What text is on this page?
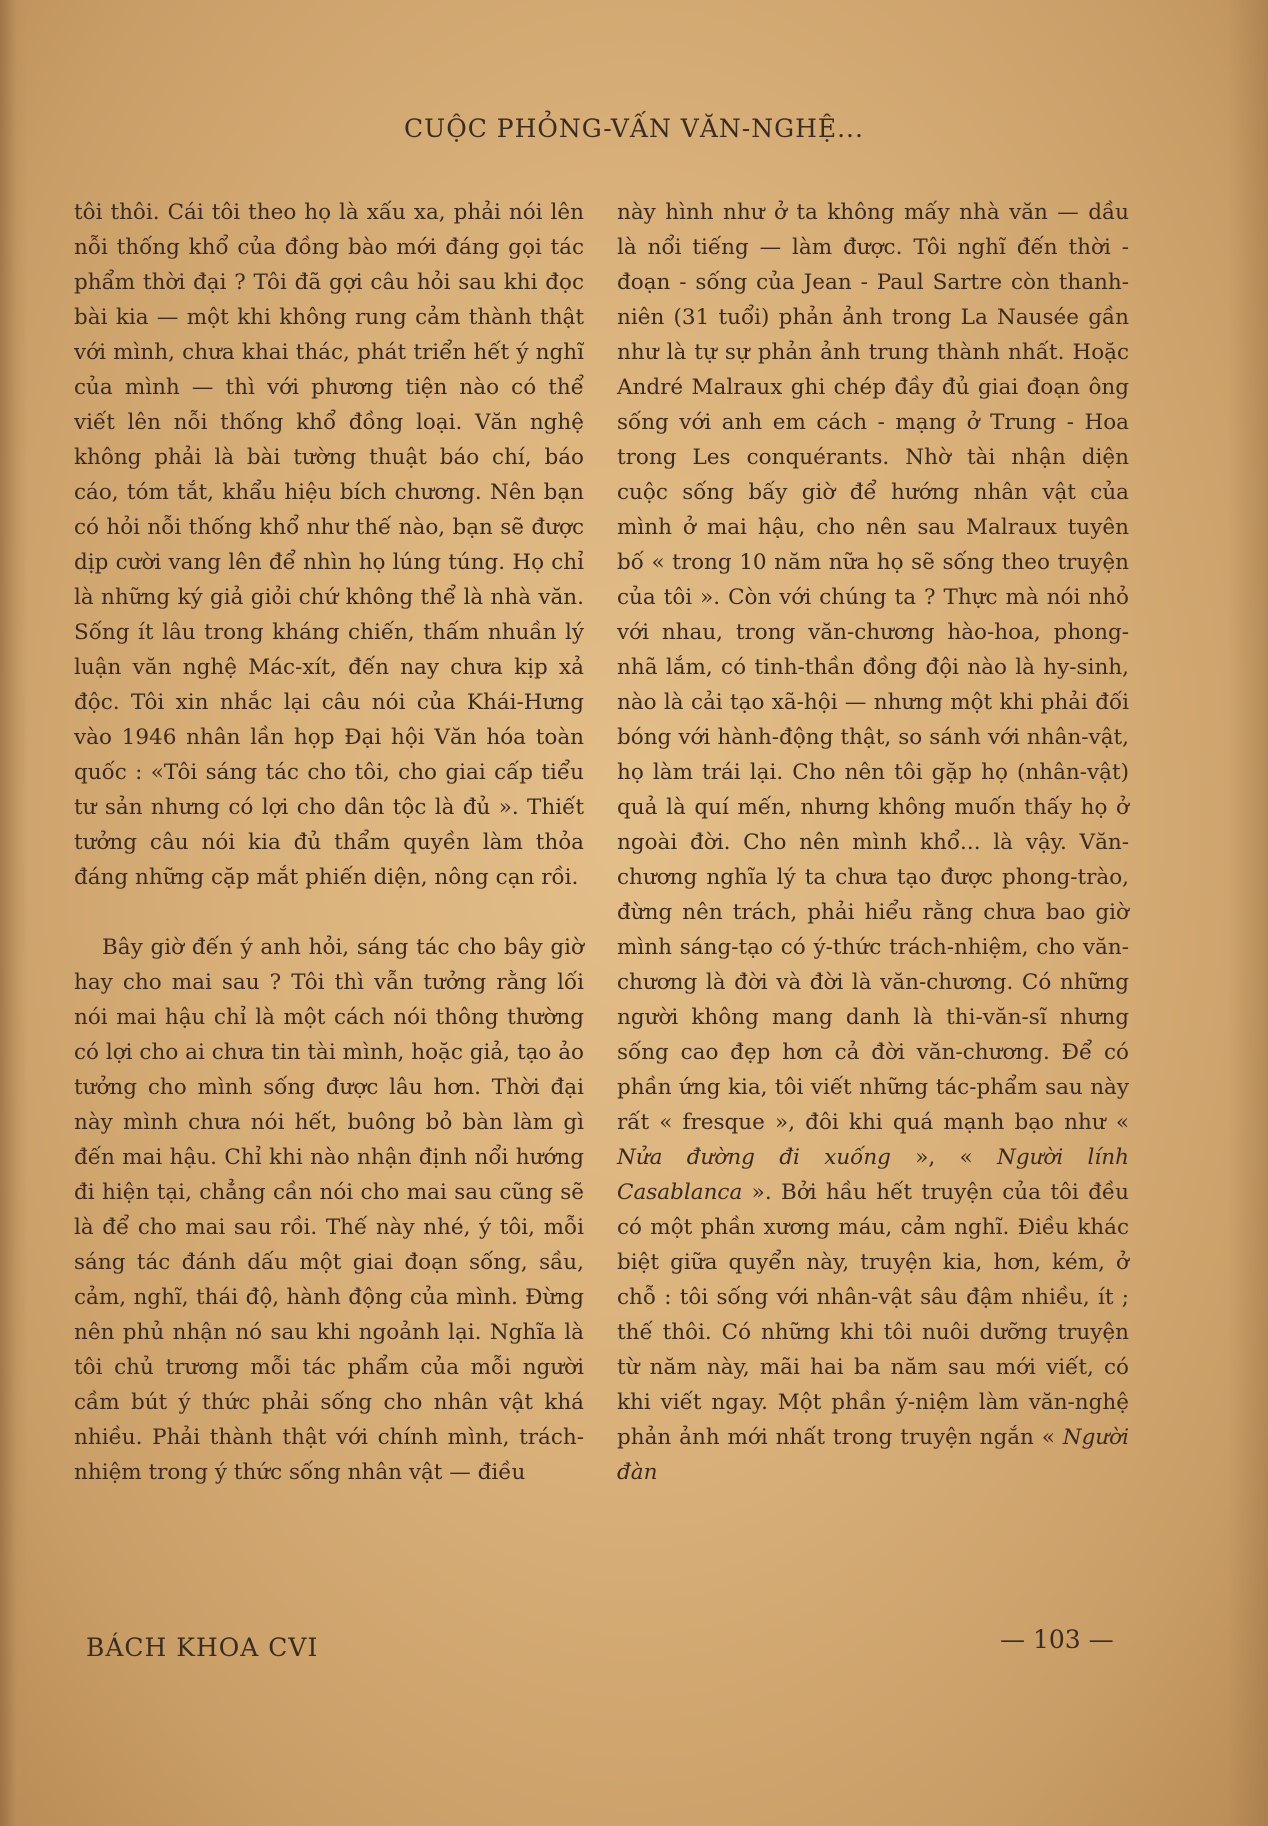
CUỘC PHỎNG-VẤN VĂN-NGHỆ...

tôi thôi. Cái tôi theo họ là xấu xa, phải nói lên nỗi thống khổ của đồng bào mới đáng gọi tác phẩm thời đại ? Tôi đã gợi câu hỏi sau khi đọc bài kia — một khi không rung cảm thành thật với mình, chưa khai thác, phát triển hết ý nghĩ của mình — thì với phương tiện nào có thể viết lên nỗi thống khổ đồng loại. Văn nghệ không phải là bài tường thuật báo chí, báo cáo, tóm tắt, khẩu hiệu bích chương. Nên bạn có hỏi nỗi thống khổ như thế nào, bạn sẽ được dịp cười vang lên để nhìn họ lúng túng. Họ chỉ là những ký giả giỏi chứ không thể là nhà văn. Sống ít lâu trong kháng chiến, thấm nhuần lý luận văn nghệ Mác-xít, đến nay chưa kịp xả độc. Tôi xin nhắc lại câu nói của Khái-Hưng vào 1946 nhân lần họp Đại hội Văn hóa toàn quốc : «Tôi sáng tác cho tôi, cho giai cấp tiểu tư sản nhưng có lợi cho dân tộc là đủ ». Thiết tưởng câu nói kia đủ thẩm quyền làm thỏa đáng những cặp mắt phiến diện, nông cạn rồi.

Bây giờ đến ý anh hỏi, sáng tác cho bây giờ hay cho mai sau ? Tôi thì vẫn tưởng rằng lối nói mai hậu chỉ là một cách nói thông thường có lợi cho ai chưa tin tài mình, hoặc giả, tạo ảo tưởng cho mình sống được lâu hơn. Thời đại này mình chưa nói hết, buông bỏ bàn làm gì đến mai hậu. Chỉ khi nào nhận định nổi hướng đi hiện tại, chẳng cần nói cho mai sau cũng sẽ là để cho mai sau rồi. Thế này nhé, ý tôi, mỗi sáng tác đánh dấu một giai đoạn sống, sầu, cảm, nghĩ, thái độ, hành động của mình. Đừng nên phủ nhận nó sau khi ngoảnh lại. Nghĩa là tôi chủ trương mỗi tác phẩm của mỗi người cầm bút ý thức phải sống cho nhân vật khá nhiều. Phải thành thật với chính mình, trách-nhiệm trong ý thức sống nhân vật — điều

này hình như ở ta không mấy nhà văn — dầu là nổi tiếng — làm được. Tôi nghĩ đến thời - đoạn - sống của Jean - Paul Sartre còn thanh-niên (31 tuổi) phản ảnh trong La Nausée gần như là tự sự phản ảnh trung thành nhất. Hoặc André Malraux ghi chép đầy đủ giai đoạn ông sống với anh em cách - mạng ở Trung - Hoa trong Les conquérants. Nhờ tài nhận diện cuộc sống bấy giờ để hướng nhân vật của mình ở mai hậu, cho nên sau Malraux tuyên bố « trong 10 năm nữa họ sẽ sống theo truyện của tôi ». Còn với chúng ta ? Thực mà nói nhỏ với nhau, trong văn-chương hào-hoa, phong-nhã lắm, có tinh-thần đồng đội nào là hy-sinh, nào là cải tạo xã-hội — nhưng một khi phải đối bóng với hành-động thật, so sánh với nhân-vật, họ làm trái lại. Cho nên tôi gặp họ (nhân-vật) quả là quí mến, nhưng không muốn thấy họ ở ngoài đời. Cho nên mình khổ... là vậy. Văn-chương nghĩa lý ta chưa tạo được phong-trào, đừng nên trách, phải hiểu rằng chưa bao giờ mình sáng-tạo có ý-thức trách-nhiệm, cho văn-chương là đời và đời là văn-chương. Có những người không mang danh là thi-văn-sĩ nhưng sống cao đẹp hơn cả đời văn-chương. Để có phần ứng kia, tôi viết những tác-phẩm sau này rất « fresque », đôi khi quá mạnh bạo như « Nửa đường đi xuống », « Người lính Casablanca ». Bởi hầu hết truyện của tôi đều có một phần xương máu, cảm nghĩ. Điều khác biệt giữa quyển này, truyện kia, hơn, kém, ở chỗ : tôi sống với nhân-vật sâu đậm nhiều, ít ; thế thôi. Có những khi tôi nuôi dưỡng truyện từ năm này, mãi hai ba năm sau mới viết, có khi viết ngay. Một phần ý-niệm làm văn-nghệ phản ảnh mới nhất trong truyện ngắn « Người đàn

BÁCH KHOA CVI	— 103 —
